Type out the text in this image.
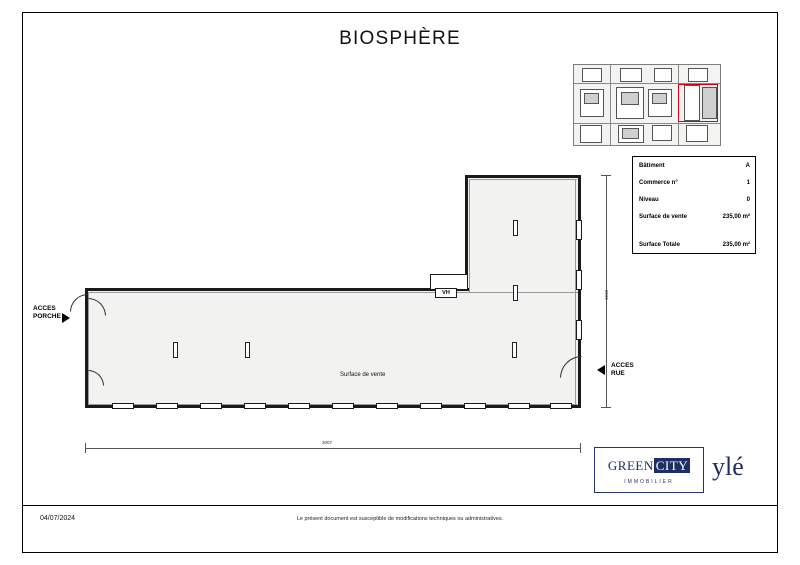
BIOSPHÈRE
Bâtiment	A
Commerce n°	1
Niveau	0
Surface de vente	235,00 m²
Surface Totale	235,00 m²
VH
Surface de vente
3007
1618
ACCES
PORCHE
ACCES
RUE
GREEN CITY
IMMOBILIER
ylé
04/07/2024	Le présent document est susceptible de modifications techniques ou administratives.
